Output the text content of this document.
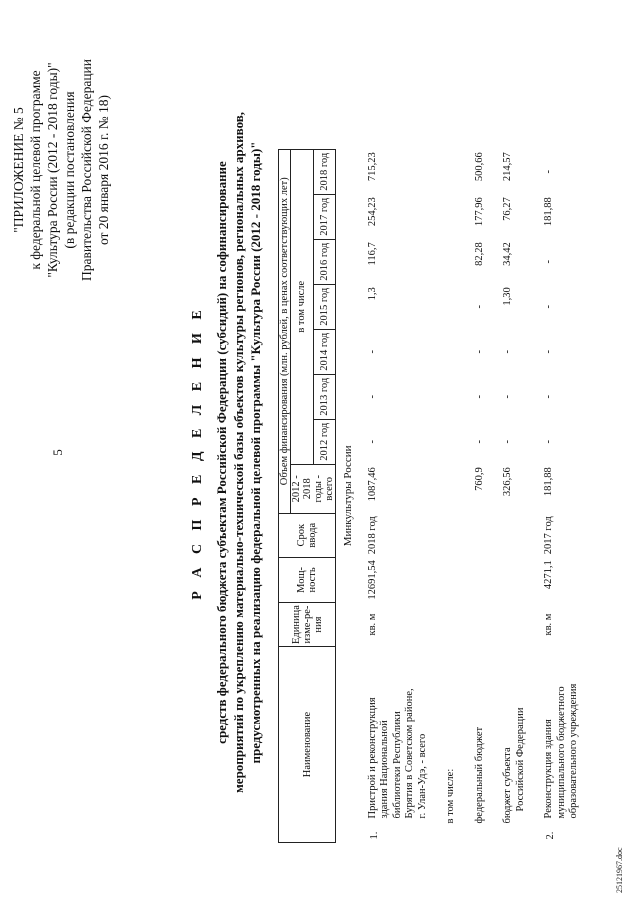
5
"ПРИЛОЖЕНИЕ № 5 к федеральной целевой программе "Культура России (2012 - 2018 годы)" (в редакции постановления Правительства Российской Федерации от 20 января 2016 г. № 18)
Р А С П Р Е Д Е Л Е Н И Е средств федерального бюджета субъектам Российской Федерации (субсидий) на софинансирование мероприятий по укреплению материально-технической базы объектов культуры регионов, региональных архивов, предусмотренных на реализацию федеральной целевой программы "Культура России (2012 - 2018 годы)"	Наименование	Единица изме-ре-ния	Мощ-ность	Срок ввода	Объем финансирования (млн. рублей, в ценах соответствующих лет)
2012 - 2018 годы - всего	в том числе
2012 год	2013 год	2014 год	2015 год	2016 год	2017 год	2018 год
Минкультуры России

1.	
Пристрой и реконструкция здания Национальной библиотеки Республики Бурятия в Советском районе, г. Улан-Удэ, - всего
	кв. м	12691,54	2018 год	1087,46	-	-	-	1,3	116,7	254,23	715,23

в том числе:	

федеральный бюджет
				760,9	-	-	-	-	82,28	177,96	500,66

бюджет субъекта Российской Федерации
				326,56	-	-	-	1,30	34,42	76,27	214,57

2.	
Реконструкция здания муниципального бюджетного образовательного учреждения
	кв. м	4271,1	2017 год	181,88	-	-	-	-	-	181,88	-
25121967.doc
